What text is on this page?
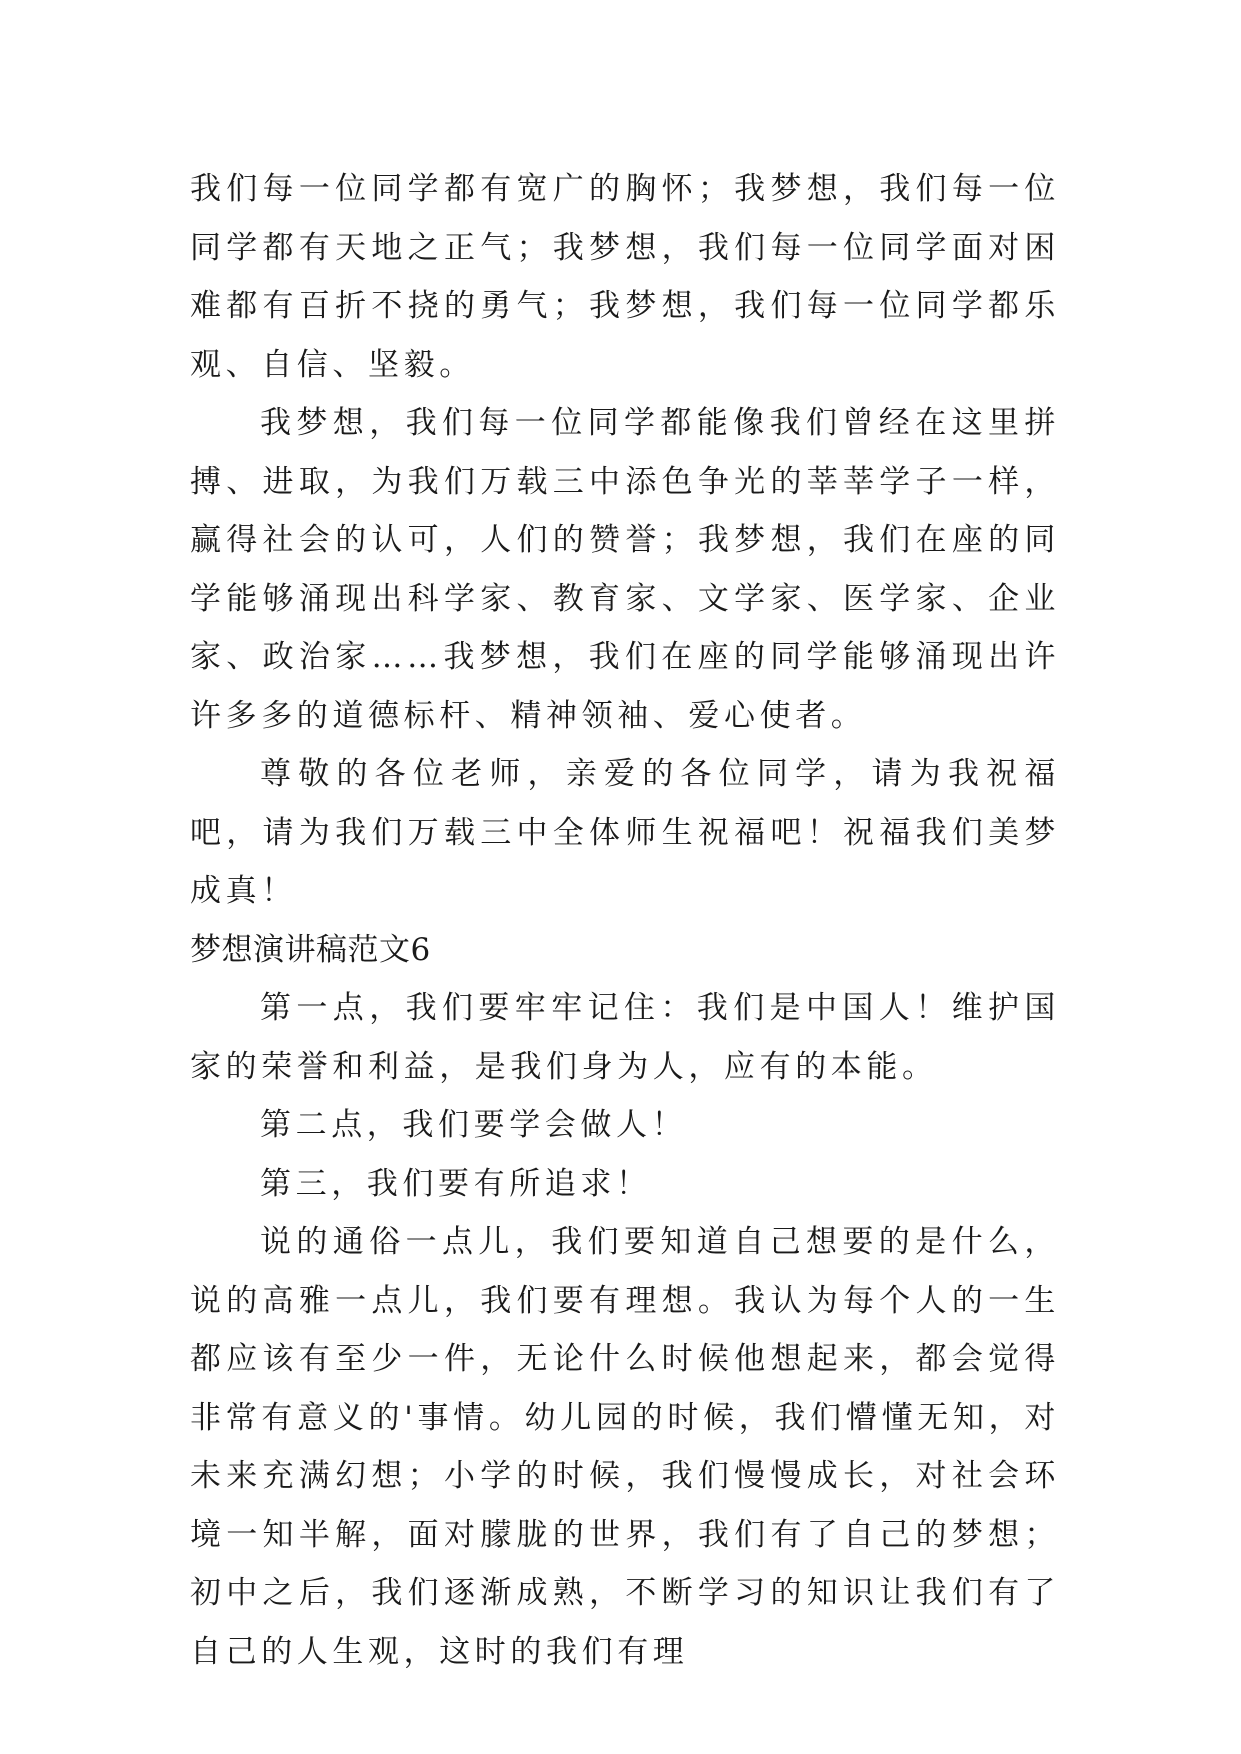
我们每一位同学都有宽广的胸怀；我梦想，我们每一位同学都有天地之正气；我梦想，我们每一位同学面对困难都有百折不挠的勇气；我梦想，我们每一位同学都乐观、自信、坚毅。

我梦想，我们每一位同学都能像我们曾经在这里拼搏、进取，为我们万载三中添色争光的莘莘学子一样，赢得社会的认可，人们的赞誉；我梦想，我们在座的同学能够涌现出科学家、教育家、文学家、医学家、企业家、政治家……我梦想，我们在座的同学能够涌现出许许多多的道德标杆、精神领袖、爱心使者。

尊敬的各位老师，亲爱的各位同学，请为我祝福吧，请为我们万载三中全体师生祝福吧！祝福我们美梦成真！

梦想演讲稿范文6

第一点，我们要牢牢记住：我们是中国人！维护国家的荣誉和利益，是我们身为人，应有的本能。

第二点，我们要学会做人！

第三，我们要有所追求！

说的通俗一点儿，我们要知道自己想要的是什么，说的高雅一点儿，我们要有理想。我认为每个人的一生都应该有至少一件，无论什么时候他想起来，都会觉得非常有意义的'事情。幼儿园的时候，我们懵懂无知，对未来充满幻想；小学的时候，我们慢慢成长，对社会环境一知半解，面对朦胧的世界，我们有了自己的梦想；初中之后，我们逐渐成熟，不断学习的知识让我们有了自己的人生观，这时的我们有理
